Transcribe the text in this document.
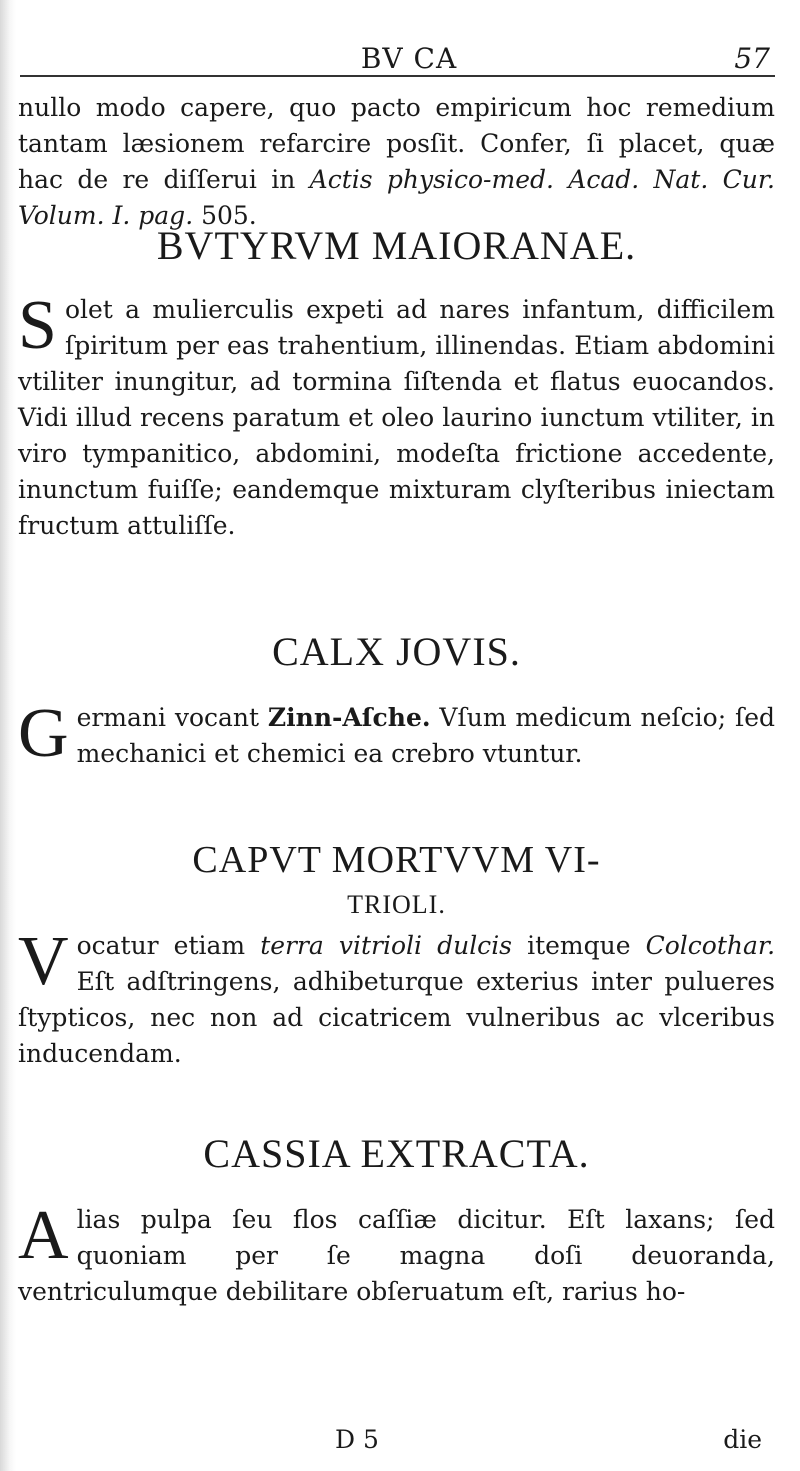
BV CA	57

nullo modo capere, quo pacto empiricum hoc remedium tantam læsionem refarcire posſit. Confer, ſi placet, quæ hac de re diſſerui in Actis physico-med. Acad. Nat. Cur. Volum. I. pag. 505.

BVTYRVM MAIORANAE.
S olet a mulierculis expeti ad nares infantum, difficilem ſpiritum per eas trahentium, illinendas. Etiam abdomini vtiliter inungitur, ad tormina ſiſtenda et flatus euocandos. Vidi illud recens paratum et oleo laurino iunctum vtiliter, in viro tympanitico, abdomini, modeſta frictione accedente, inunctum fuiſſe; eandemque mixturam clyſteribus iniectam fructum attuliſſe.
CALX JOVIS.
G ermani vocant Zinn-Aſche. Vſum medicum neſcio; ſed mechanici et chemici ea crebro vtuntur.
CAPVT MORTVVM VI-
TRIOLI.
V ocatur etiam terra vitrioli dulcis itemque Colcothar. Eſt adſtringens, adhibeturque exterius inter pulueres ſtypticos, nec non ad cicatricem vulneribus ac vlceribus inducendam.
CASSIA EXTRACTA.
A lias pulpa ſeu flos caſſiæ dicitur. Eſt laxans; ſed quoniam per ſe magna doſi deuoranda, ventriculumque debilitare obſeruatum eſt, rarius ho-
D 5	die
